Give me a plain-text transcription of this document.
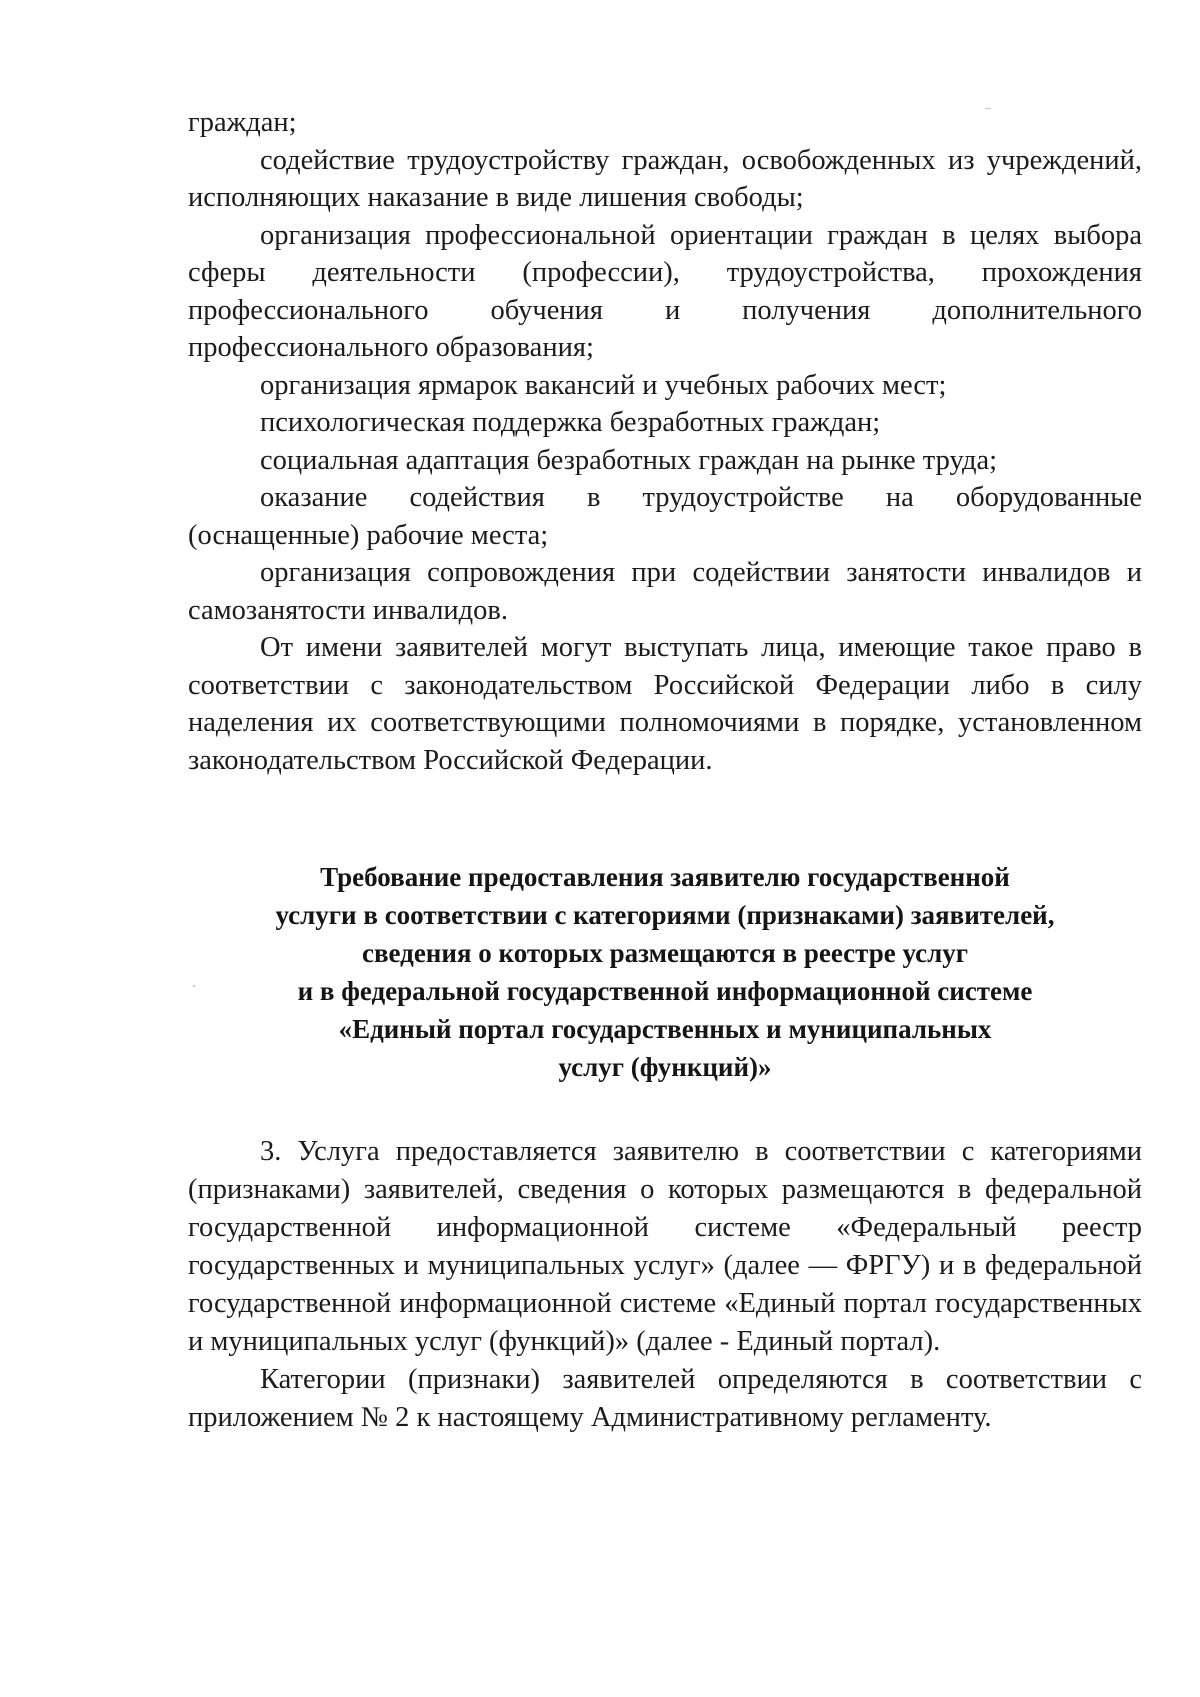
граждан;

содействие трудоустройству граждан, освобожденных из учреждений, исполняющих наказание в виде лишения свободы;

организация профессиональной ориентации граждан в целях выбора сферы деятельности (профессии), трудоустройства, прохождения профессионального обучения и получения дополнительного профессионального образования;

организация ярмарок вакансий и учебных рабочих мест;

психологическая поддержка безработных граждан;

социальная адаптация безработных граждан на рынке труда;

оказание содействия в трудоустройстве на оборудованные (оснащенные) рабочие места;

организация сопровождения при содействии занятости инвалидов и самозанятости инвалидов.

От имени заявителей могут выступать лица, имеющие такое право в соответствии с законодательством Российской Федерации либо в силу наделения их соответствующими полномочиями в порядке, установленном законодательством Российской Федерации.

Требование предоставления заявителю государственной
услуги в соответствии с категориями (признаками) заявителей,
сведения о которых размещаются в реестре услуг
и в федеральной государственной информационной системе
«Единый портал государственных и муниципальных
услуг (функций)»

3. Услуга предоставляется заявителю в соответствии с категориями (признаками) заявителей, сведения о которых размещаются в федеральной государственной информационной системе «Федеральный реестр государственных и муниципальных услуг» (далее — ФРГУ) и в федеральной государственной информационной системе «Единый портал государственных и муниципальных услуг (функций)» (далее - Единый портал).

Категории (признаки) заявителей определяются в соответствии с приложением № 2 к настоящему Административному регламенту.
